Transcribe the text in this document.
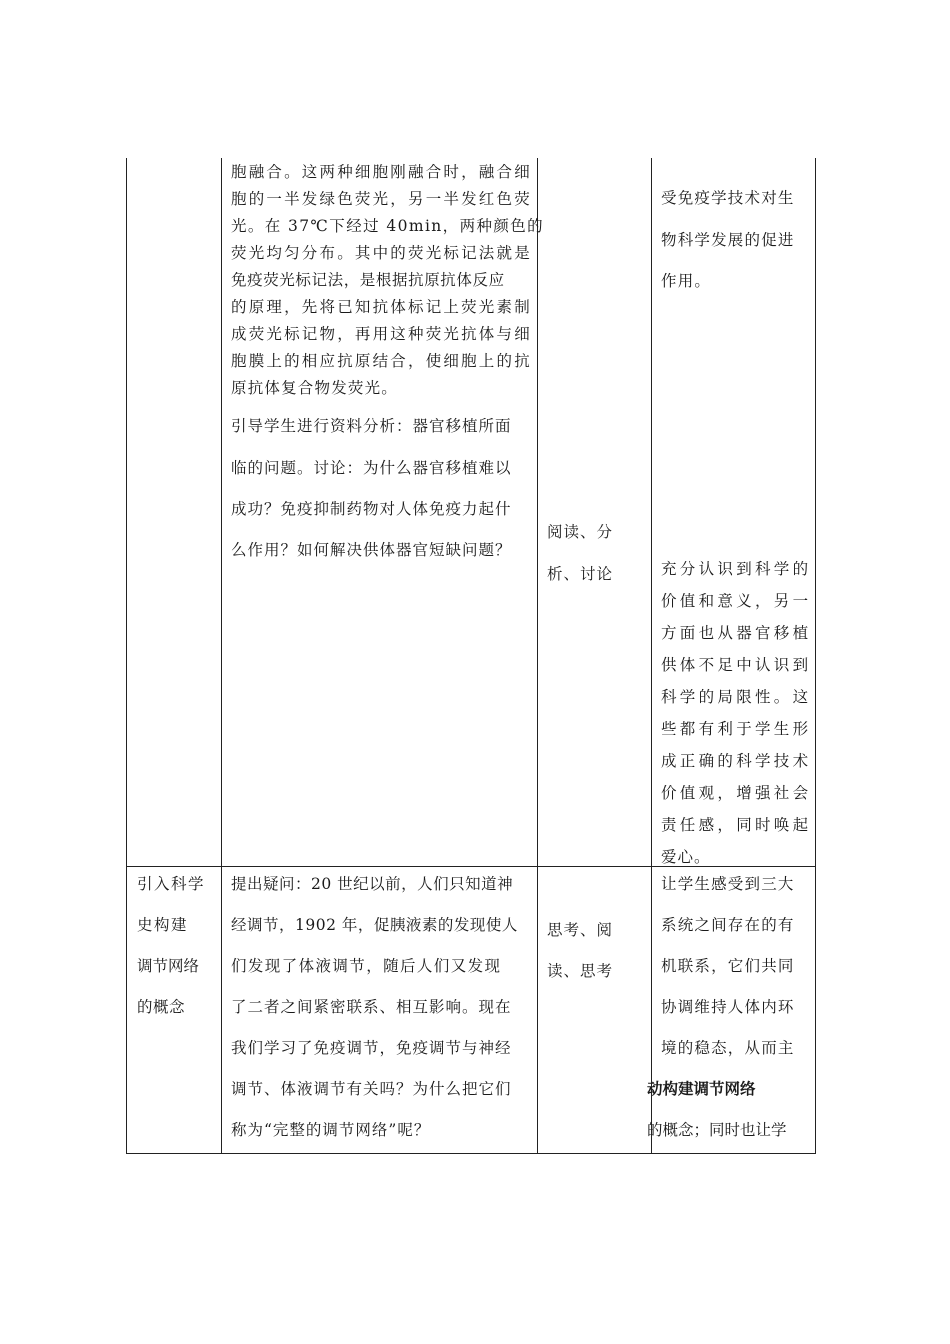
胞融合。这两种细胞刚融合时，融合细
胞的一半发绿色荧光，另一半发红色荧
光。在 37℃下经过 40min，两种颜色的
荧光均匀分布。其中的荧光标记法就是
免疫荧光标记法，是根据抗原抗体反应
的原理，先将已知抗体标记上荧光素制
成荧光标记物，再用这种荧光抗体与细
胞膜上的相应抗原结合，使细胞上的抗
原抗体复合物发荧光。
引导学生进行资料分析：器官移植所面
临的问题。讨论：为什么器官移植难以
成功？免疫抑制药物对人体免疫力起什
么作用？如何解决供体器官短缺问题？
阅读、分
析、讨论
受免疫学技术对生
物科学发展的促进
作用。
充分认识到科学的
价值和意义，另一
方面也从器官移植
供体不足中认识到
科学的局限性。这
些都有利于学生形
成正确的科学技术
价值观，增强社会
责任感，同时唤起
爱心。
引入科学
史构建
调节网络
的概念
提出疑问：20 世纪以前，人们只知道神
经调节，1902 年，促胰液素的发现使人
们发现了体液调节，随后人们又发现
了二者之间紧密联系、相互影响。现在
我们学习了免疫调节，免疫调节与神经
调节、体液调节有关吗？为什么把它们
称为“完整的调节网络”呢？
思考、阅
读、思考
让学生感受到三大
系统之间存在的有
机联系，它们共同
协调维持人体内环
境的稳态，从而主
动构建调节网络
的概念；同时也让学
